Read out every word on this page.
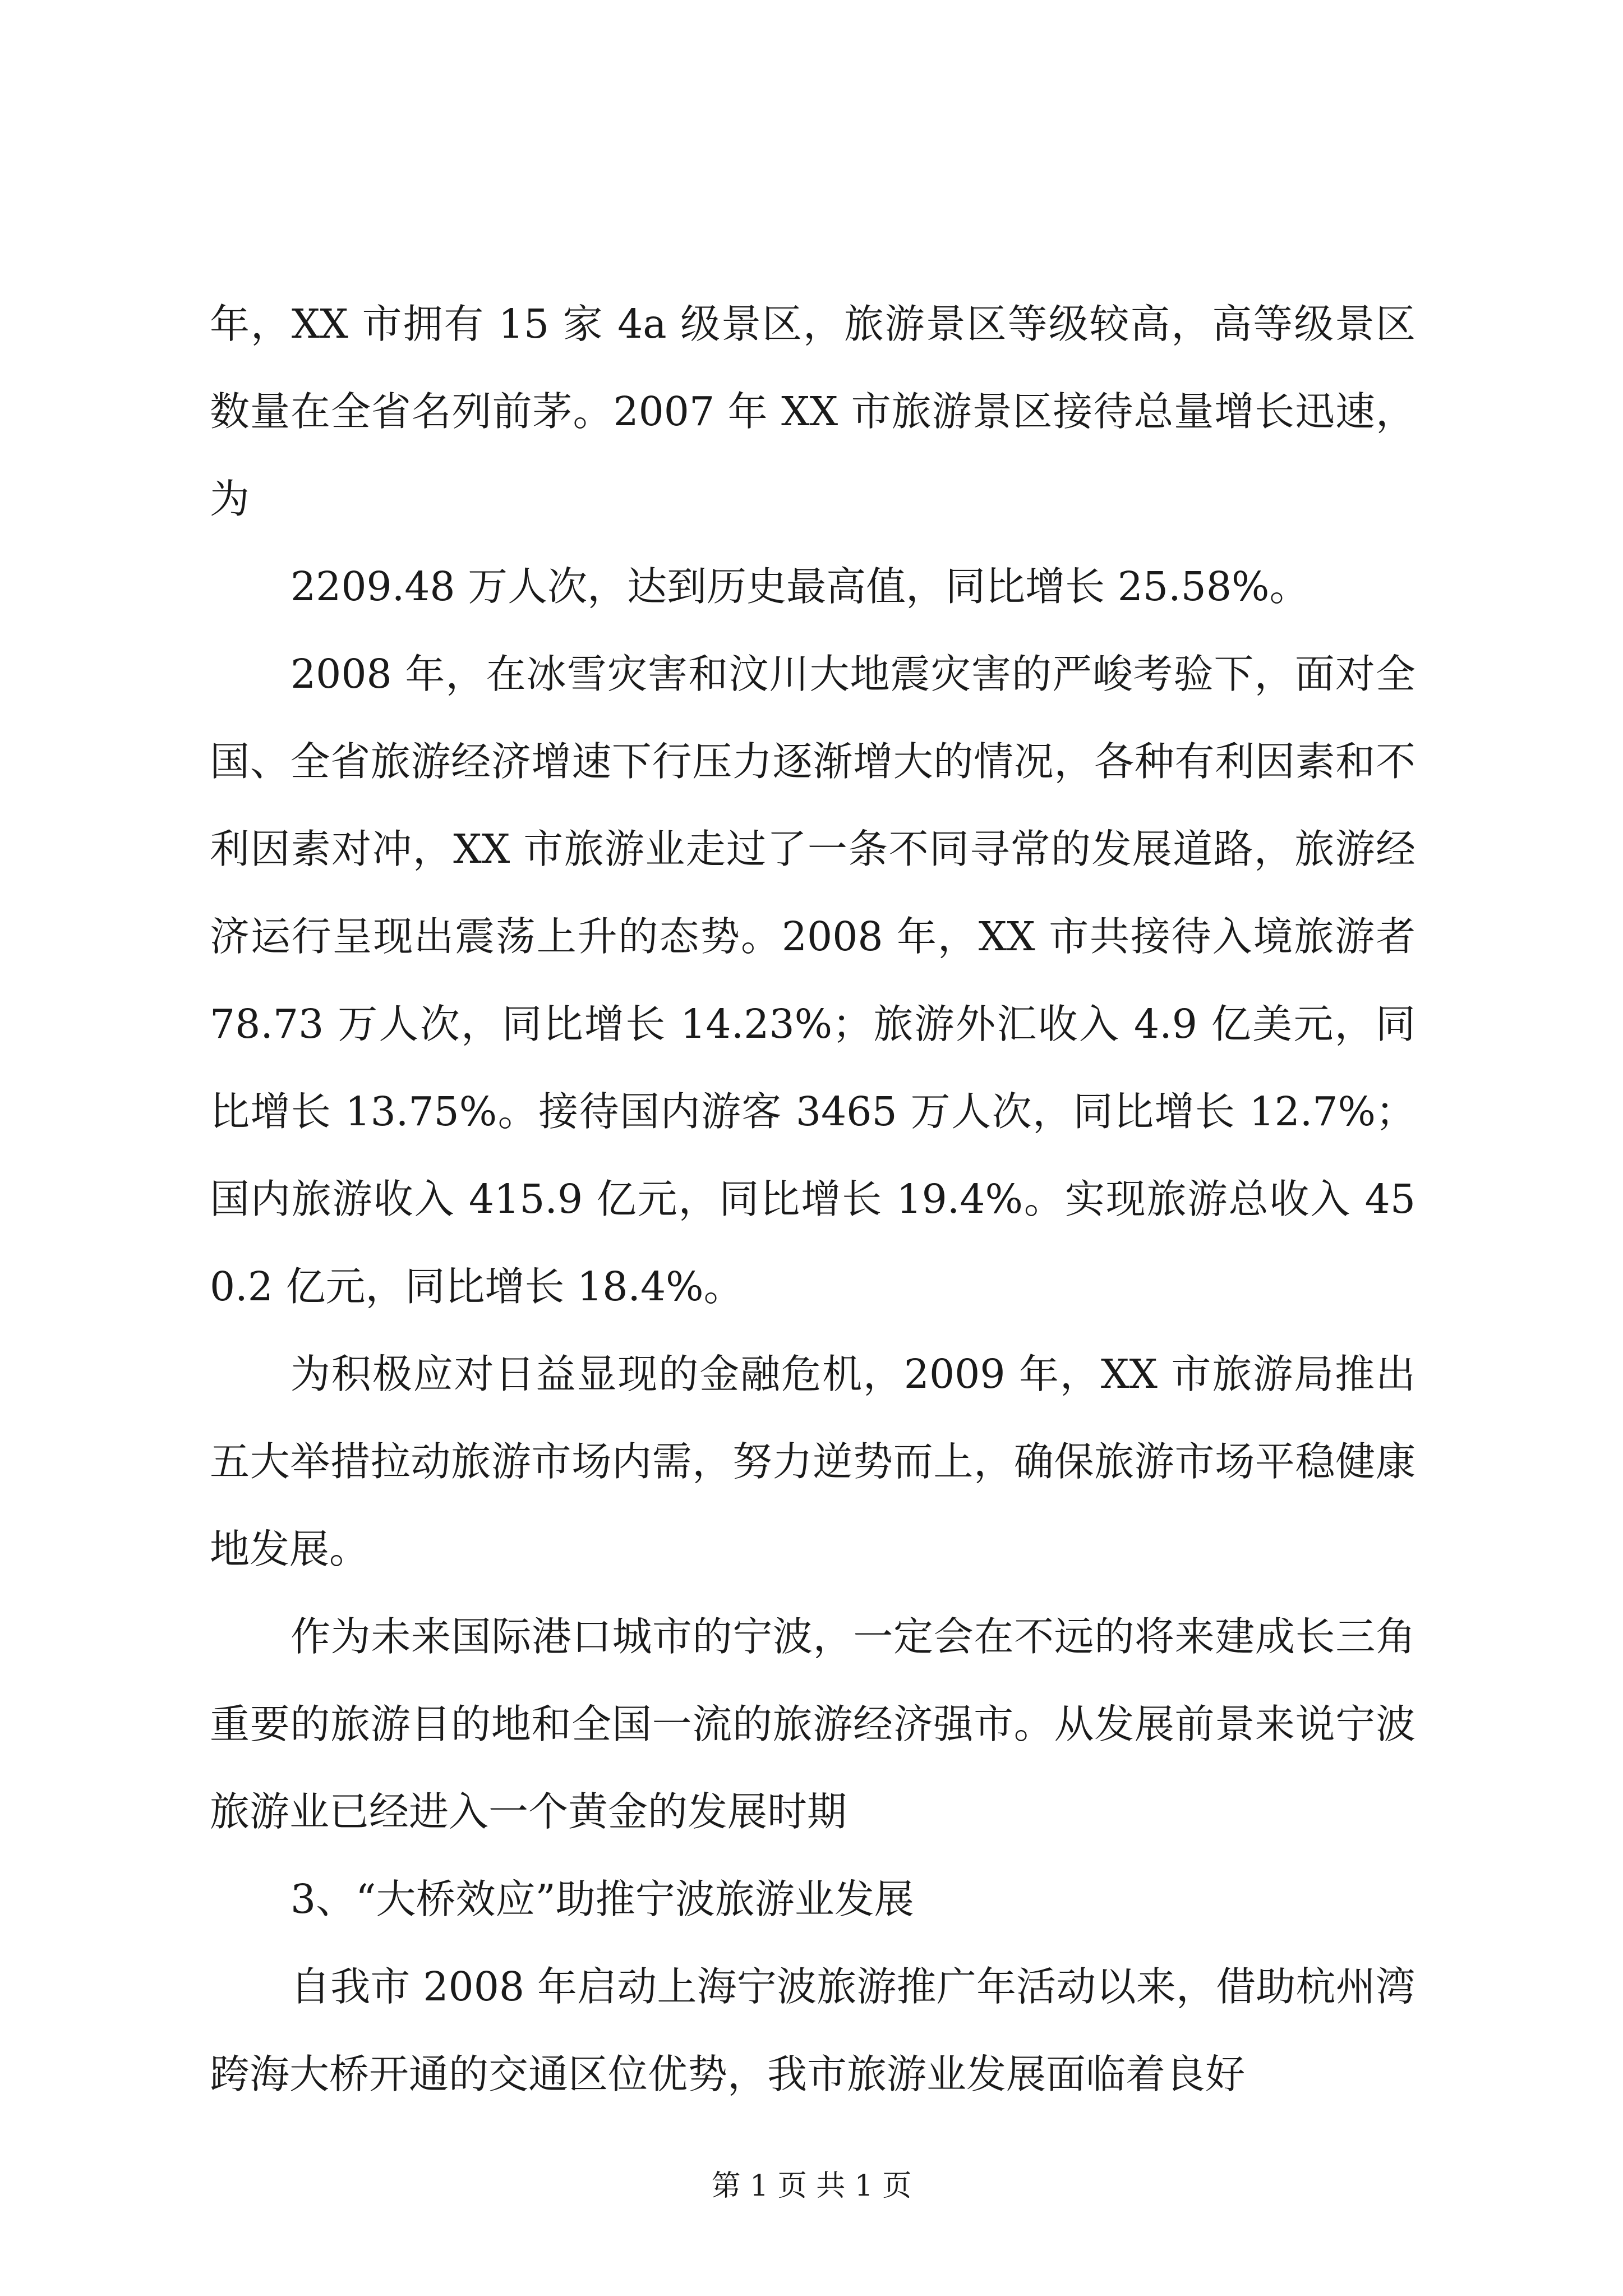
年，XX 市拥有 15 家 4a 级景区，旅游景区等级较高，高等级景区数量在全省名列前茅。2007 年 XX 市旅游景区接待总量增长迅速，为

2209.48 万人次，达到历史最高值，同比增长 25.58%。

2008 年，在冰雪灾害和汶川大地震灾害的严峻考验下，面对全国、全省旅游经济增速下行压力逐渐增大的情况，各种有利因素和不利因素对冲，XX 市旅游业走过了一条不同寻常的发展道路，旅游经济运行呈现出震荡上升的态势。2008 年，XX 市共接待入境旅游者 78.73 万人次，同比增长 14.23%；旅游外汇收入 4.9 亿美元，同比增长 13.75%。接待国内游客 3465 万人次，同比增长 12.7%；国内旅游收入 415.9 亿元，同比增长 19.4%。实现旅游总收入 450.2 亿元，同比增长 18.4%。

为积极应对日益显现的金融危机，2009 年，XX 市旅游局推出五大举措拉动旅游市场内需，努力逆势而上，确保旅游市场平稳健康地发展。

作为未来国际港口城市的宁波，一定会在不远的将来建成长三角重要的旅游目的地和全国一流的旅游经济强市。从发展前景来说宁波旅游业已经进入一个黄金的发展时期

3、“大桥效应”助推宁波旅游业发展

自我市 2008 年启动上海宁波旅游推广年活动以来，借助杭州湾跨海大桥开通的交通区位优势，我市旅游业发展面临着良好

第 1 页 共 1 页
